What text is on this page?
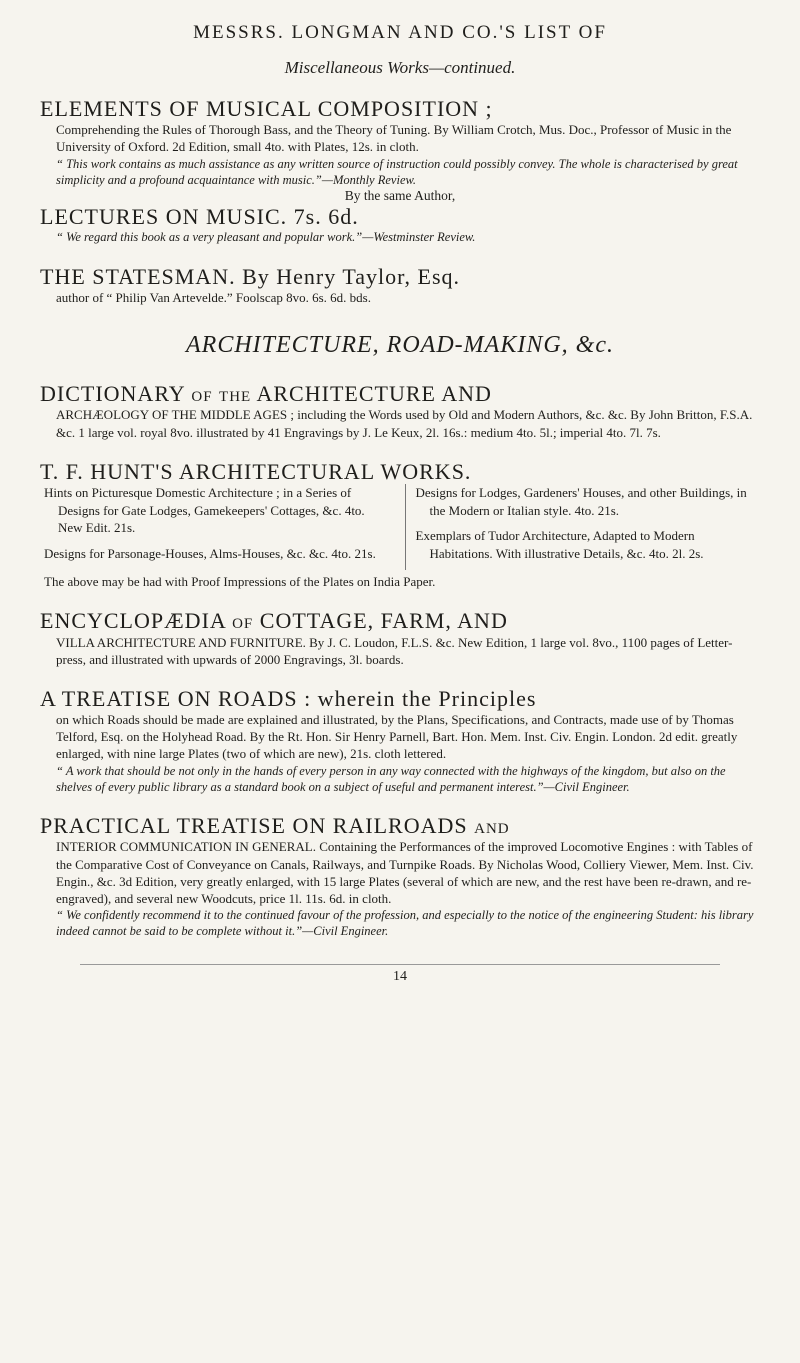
MESSRS. LONGMAN AND CO.'S LIST OF
Miscellaneous Works—continued.
ELEMENTS OF MUSICAL COMPOSITION ;
Comprehending the Rules of Thorough Bass, and the Theory of Tuning. By William Crotch, Mus. Doc., Professor of Music in the University of Oxford. 2d Edition, small 4to. with Plates, 12s. in cloth.
“ This work contains as much assistance as any written source of instruction could possibly convey. The whole is characterised by great simplicity and a profound acquaintance with music.”—Monthly Review.
By the same Author,
LECTURES ON MUSIC. 7s. 6d.
“ We regard this book as a very pleasant and popular work.”—Westminster Review.
THE STATESMAN. By Henry Taylor, Esq.
author of “ Philip Van Artevelde.” Foolscap 8vo. 6s. 6d. bds.
ARCHITECTURE, ROAD-MAKING, &c.
DICTIONARY of the ARCHITECTURE AND
ARCHÆOLOGY OF THE MIDDLE AGES ; including the Words used by Old and Modern Authors, &c. &c. By John Britton, F.S.A. &c. 1 large vol. royal 8vo. illustrated by 41 Engravings by J. Le Keux, 2l. 16s.: medium 4to. 5l.; imperial 4to. 7l. 7s.
T. F. HUNT'S ARCHITECTURAL WORKS.

Hints on Picturesque Domestic Architecture ; in a Series of Designs for Gate Lodges, Gamekeepers' Cottages, &c. 4to. New Edit. 21s.

Designs for Parsonage-Houses, Alms-Houses, &c. &c. 4to. 21s.

Designs for Lodges, Gardeners' Houses, and other Buildings, in the Modern or Italian style. 4to. 21s.

Exemplars of Tudor Architecture, Adapted to Modern Habitations. With illustrative Details, &c. 4to. 2l. 2s.

The above may be had with Proof Impressions of the Plates on India Paper.
ENCYCLOPÆDIA of COTTAGE, FARM, AND
VILLA ARCHITECTURE AND FURNITURE. By J. C. Loudon, F.L.S. &c. New Edition, 1 large vol. 8vo., 1100 pages of Letter-press, and illustrated with upwards of 2000 Engravings, 3l. boards.
A TREATISE ON ROADS : wherein the Principles
on which Roads should be made are explained and illustrated, by the Plans, Specifications, and Contracts, made use of by Thomas Telford, Esq. on the Holyhead Road. By the Rt. Hon. Sir Henry Parnell, Bart. Hon. Mem. Inst. Civ. Engin. London. 2d edit. greatly enlarged, with nine large Plates (two of which are new), 21s. cloth lettered.
“ A work that should be not only in the hands of every person in any way connected with the highways of the kingdom, but also on the shelves of every public library as a standard book on a subject of useful and permanent interest.”—Civil Engineer.
PRACTICAL TREATISE ON RAILROADS and
INTERIOR COMMUNICATION IN GENERAL. Containing the Performances of the improved Locomotive Engines : with Tables of the Comparative Cost of Conveyance on Canals, Railways, and Turnpike Roads. By Nicholas Wood, Colliery Viewer, Mem. Inst. Civ. Engin., &c. 3d Edition, very greatly enlarged, with 15 large Plates (several of which are new, and the rest have been re-drawn, and re-engraved), and several new Woodcuts, price 1l. 11s. 6d. in cloth.
“ We confidently recommend it to the continued favour of the profession, and especially to the notice of the engineering Student: his library indeed cannot be said to be complete without it.”—Civil Engineer.
14
